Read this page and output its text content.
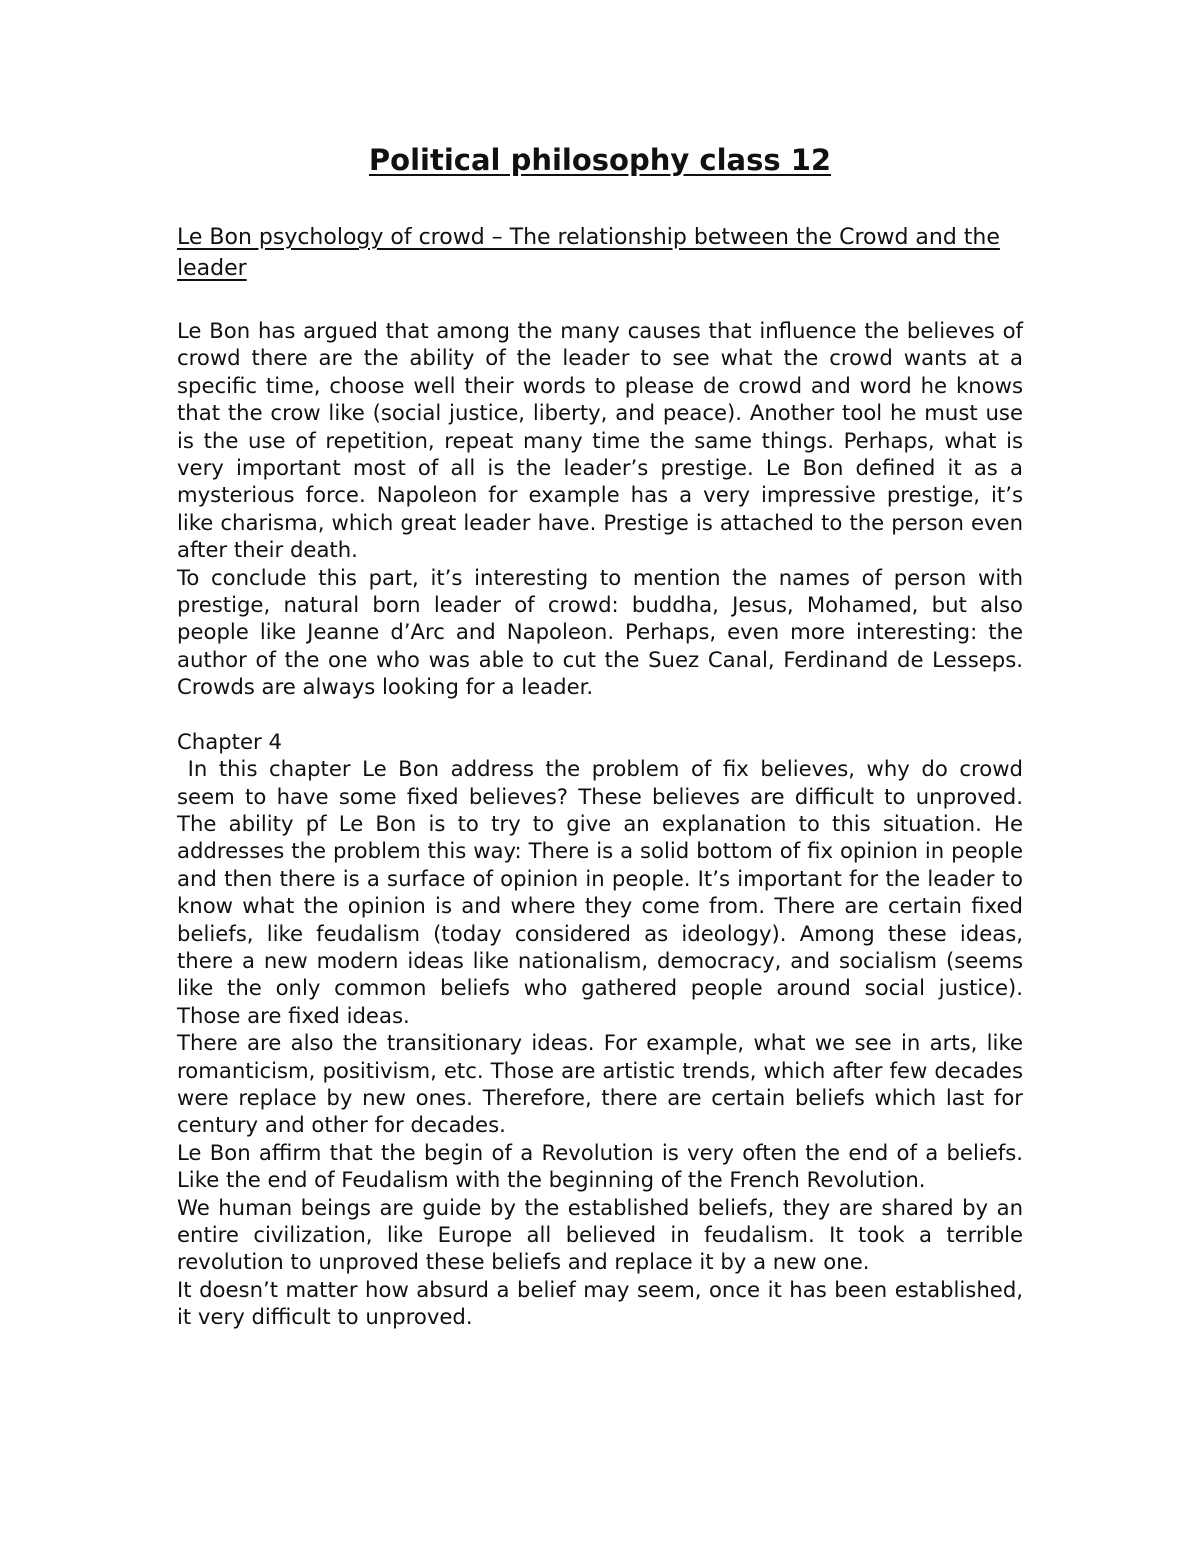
Political philosophy class 12

Le Bon psychology of crowd – The relationship between the Crowd and the leader

Le Bon has argued that among the many causes that influence the believes of crowd there are the ability of the leader to see what the crowd wants at a specific time, choose well their words to please de crowd and word he knows that the crow like (social justice, liberty, and peace). Another tool he must use is the use of repetition, repeat many time the same things. Perhaps, what is very important most of all is the leader’s prestige. Le Bon defined it as a mysterious force. Napoleon for example has a very impressive prestige, it’s like charisma, which great leader have. Prestige is attached to the person even after their death.

To conclude this part, it’s interesting to mention the names of person with prestige, natural born leader of crowd: buddha, Jesus, Mohamed, but also people like Jeanne d’Arc and Napoleon. Perhaps, even more interesting: the author of the one who was able to cut the Suez Canal, Ferdinand de Lesseps. Crowds are always looking for a leader.

Chapter 4

In this chapter Le Bon address the problem of fix believes, why do crowd seem to have some fixed believes? These believes are difficult to unproved. The ability pf Le Bon is to try to give an explanation to this situation. He addresses the problem this way: There is a solid bottom of fix opinion in people and then there is a surface of opinion in people. It’s important for the leader to know what the opinion is and where they come from. There are certain fixed beliefs, like feudalism (today considered as ideology). Among these ideas, there a new modern ideas like nationalism, democracy, and socialism (seems like the only common beliefs who gathered people around social justice). Those are fixed ideas.

There are also the transitionary ideas. For example, what we see in arts, like romanticism, positivism, etc. Those are artistic trends, which after few decades were replace by new ones. Therefore, there are certain beliefs which last for century and other for decades.

Le Bon affirm that the begin of a Revolution is very often the end of a beliefs. Like the end of Feudalism with the beginning of the French Revolution.

We human beings are guide by the established beliefs, they are shared by an entire civilization, like Europe all believed in feudalism. It took a terrible revolution to unproved these beliefs and replace it by a new one.

It doesn’t matter how absurd a belief may seem, once it has been established, it very difficult to unproved.
